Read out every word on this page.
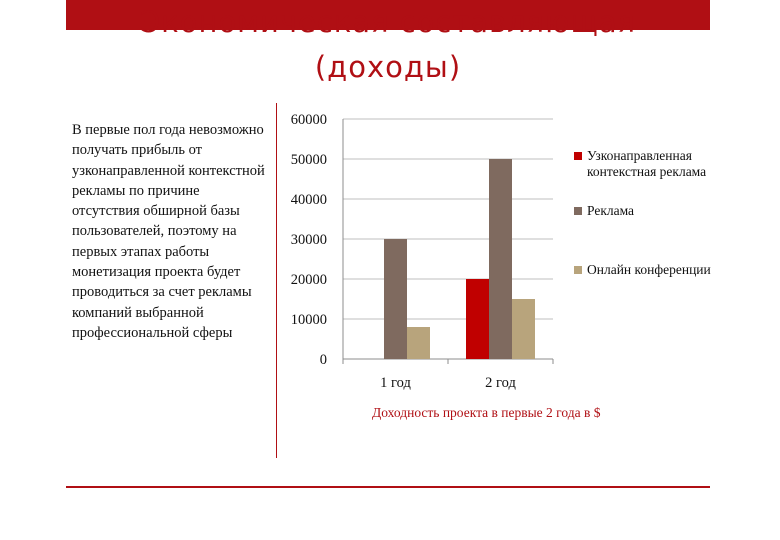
Экономическая составляющая
(доходы)
В первые пол года невозможно получать прибыль от узконаправленной контекстной рекламы по причине отсутствия обширной базы пользователей, поэтому на первых этапах работы монетизация проекта будет проводиться за счет рекламы компаний выбранной профессиональной сферы
0
10000
20000
30000
40000
50000
60000
1 год	2 год
Узконаправленная контекстная реклама
Реклама
Онлайн конференции
Доходность проекта в первые 2 года в $
